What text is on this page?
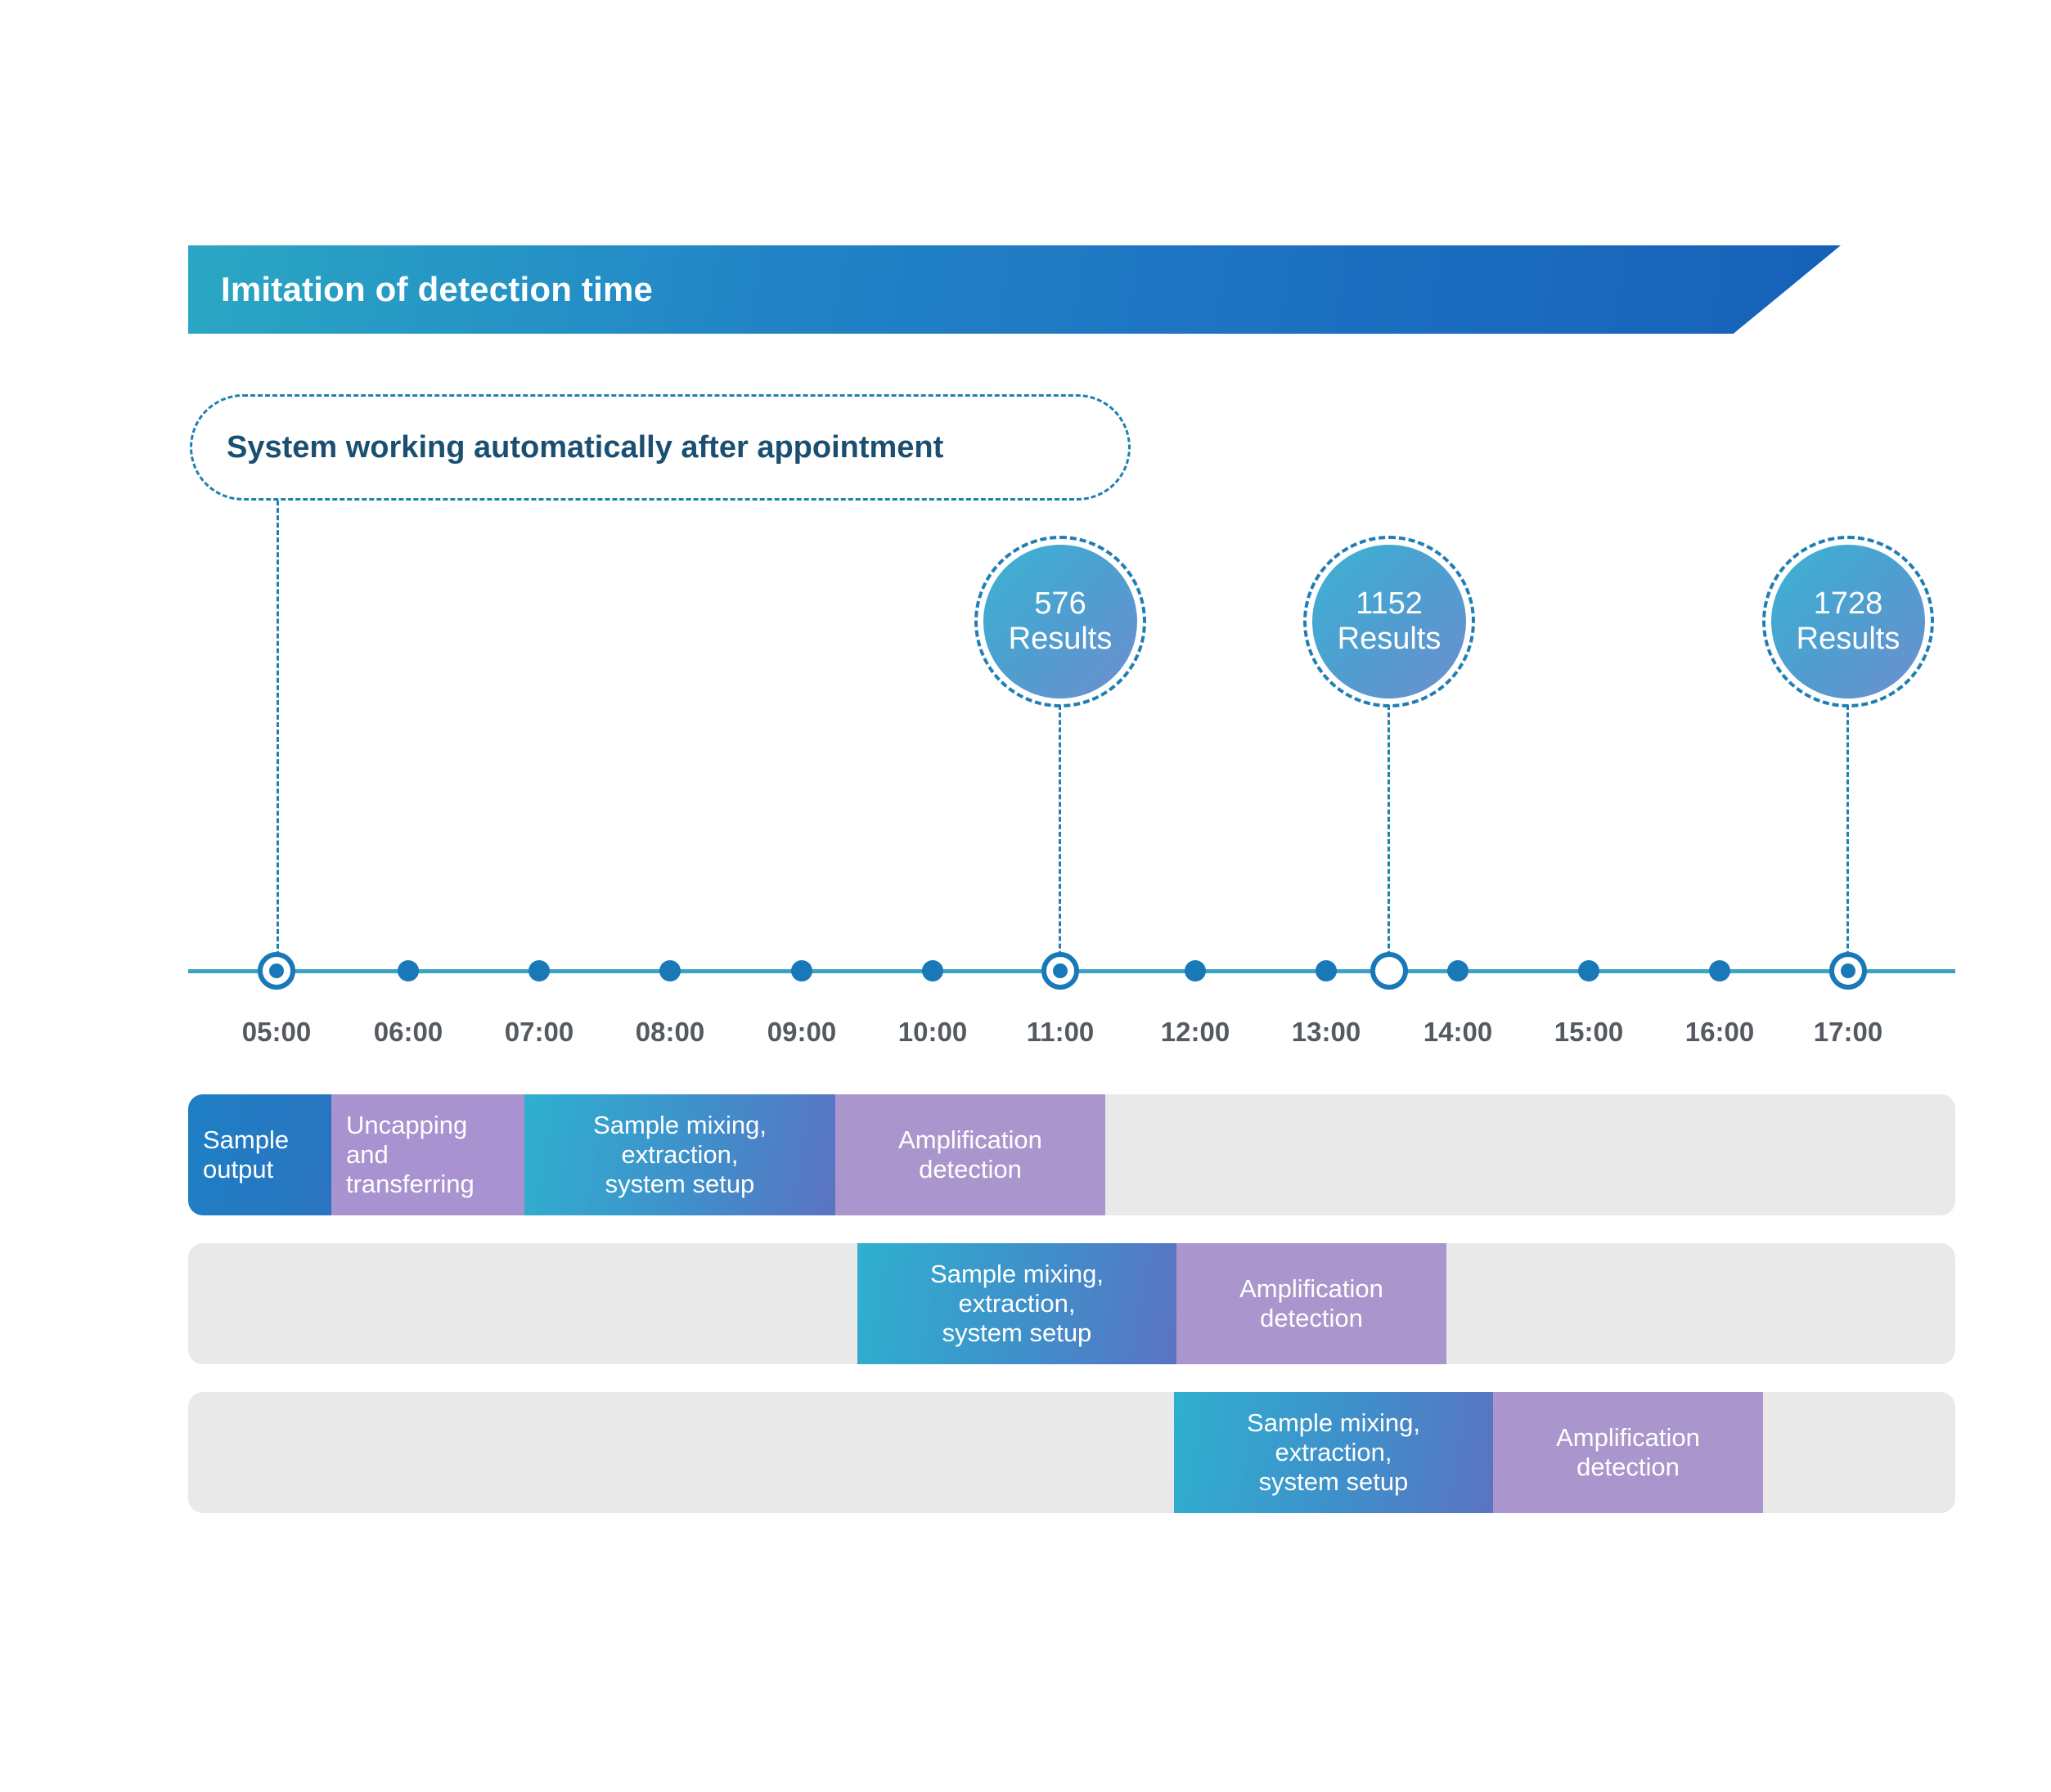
Imitation of detection time
System working automatically after appointment
576
Results
1152
Results
1728
Results
05:00 06:00 07:00 08:00 09:00 10:00 11:00 12:00 13:00 14:00 15:00 16:00 17:00
Sample
output
Uncapping
and
transferring
Sample mixing,
extraction,
system setup
Amplification
detection
Sample mixing,
extraction,
system setup
Amplification
detection
Sample mixing,
extraction,
system setup
Amplification
detection
